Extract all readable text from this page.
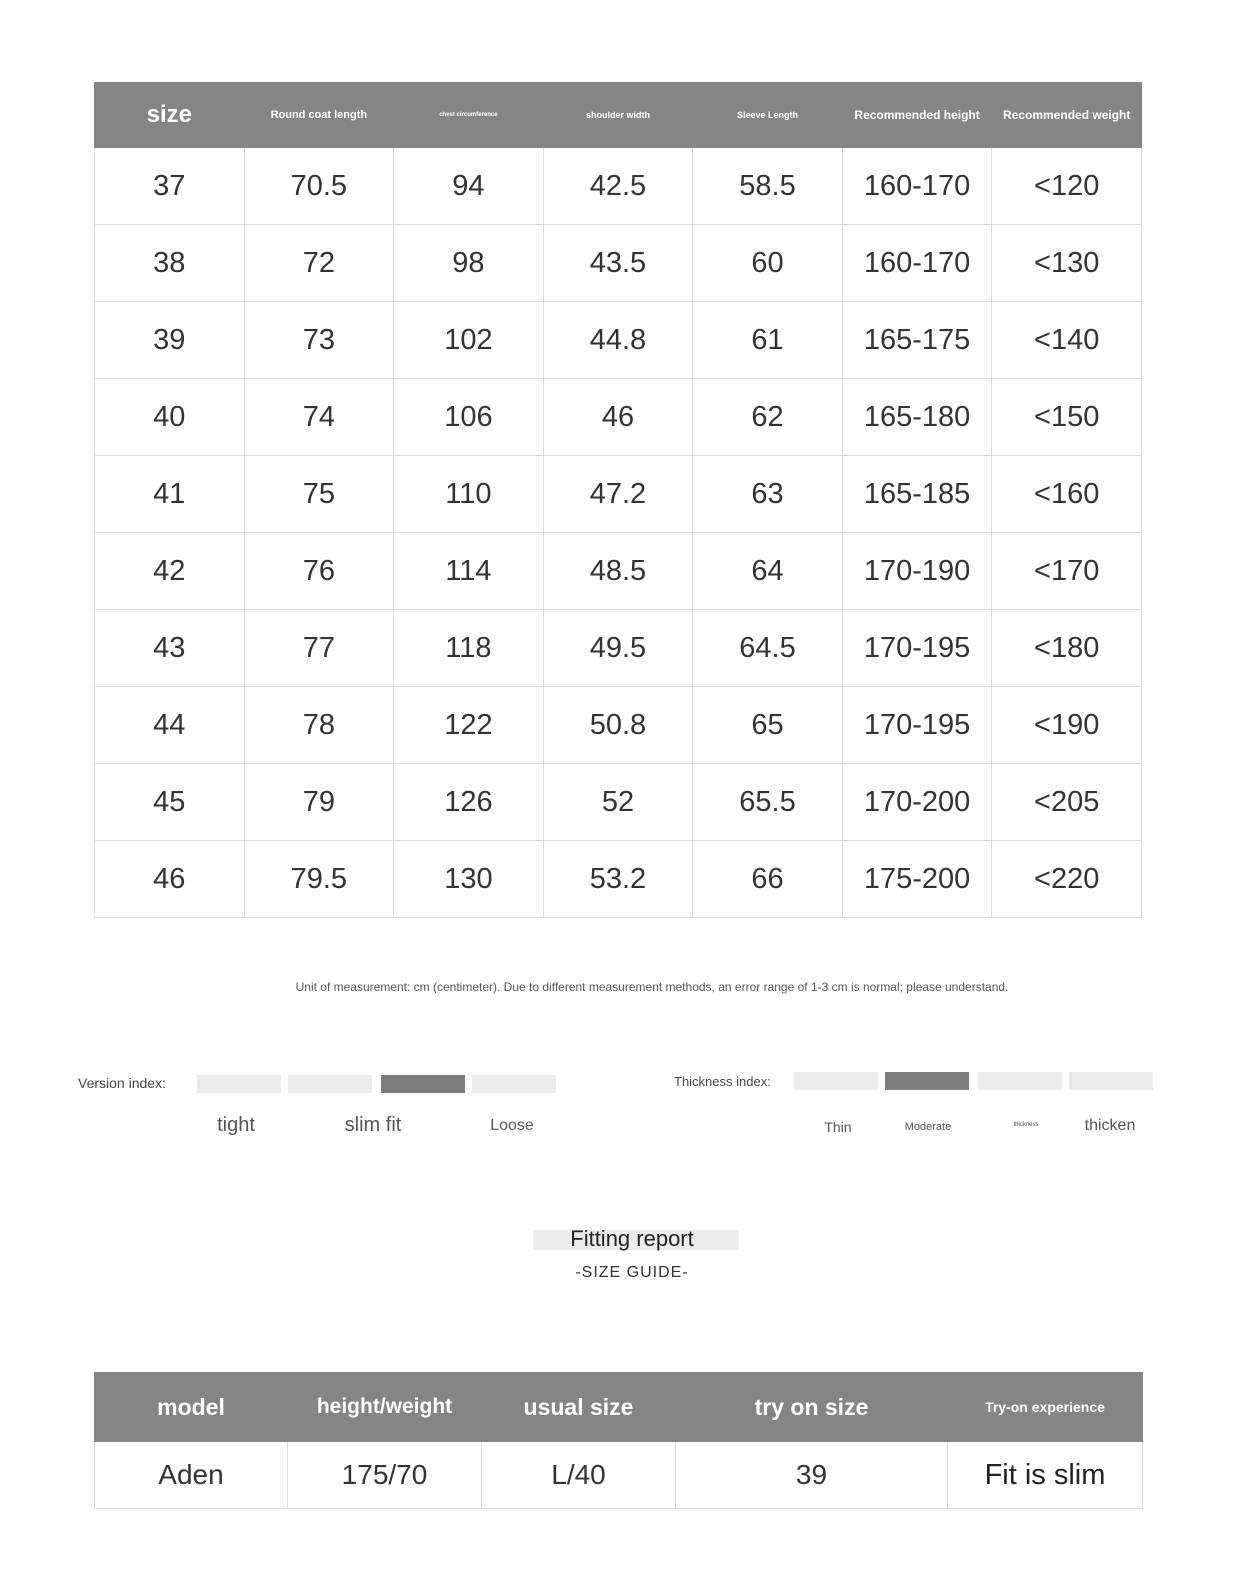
size	Round coat length	chest circumference	shoulder width	Sleeve Length	Recommended height	Recommended weight
37	70.5	94	42.5	58.5	160-170	<120
38	72	98	43.5	60	160-170	<130
39	73	102	44.8	61	165-175	<140
40	74	106	46	62	165-180	<150
41	75	110	47.2	63	165-185	<160
42	76	114	48.5	64	170-190	<170
43	77	118	49.5	64.5	170-195	<180
44	78	122	50.8	65	170-195	<190
45	79	126	52	65.5	170-200	<205
46	79.5	130	53.2	66	175-200	<220
Unit of measurement: cm (centimeter). Due to different measurement methods, an error range of 1-3 cm is normal; please understand.
Version index:
tight	slim fit	Loose
Thickness index:
Thin	Moderate	thickness	thicken
Fitting report
-SIZE GUIDE-
model	height/weight	usual size	try on size	Try-on experience
Aden	175/70	L/40	39	Fit is slim
